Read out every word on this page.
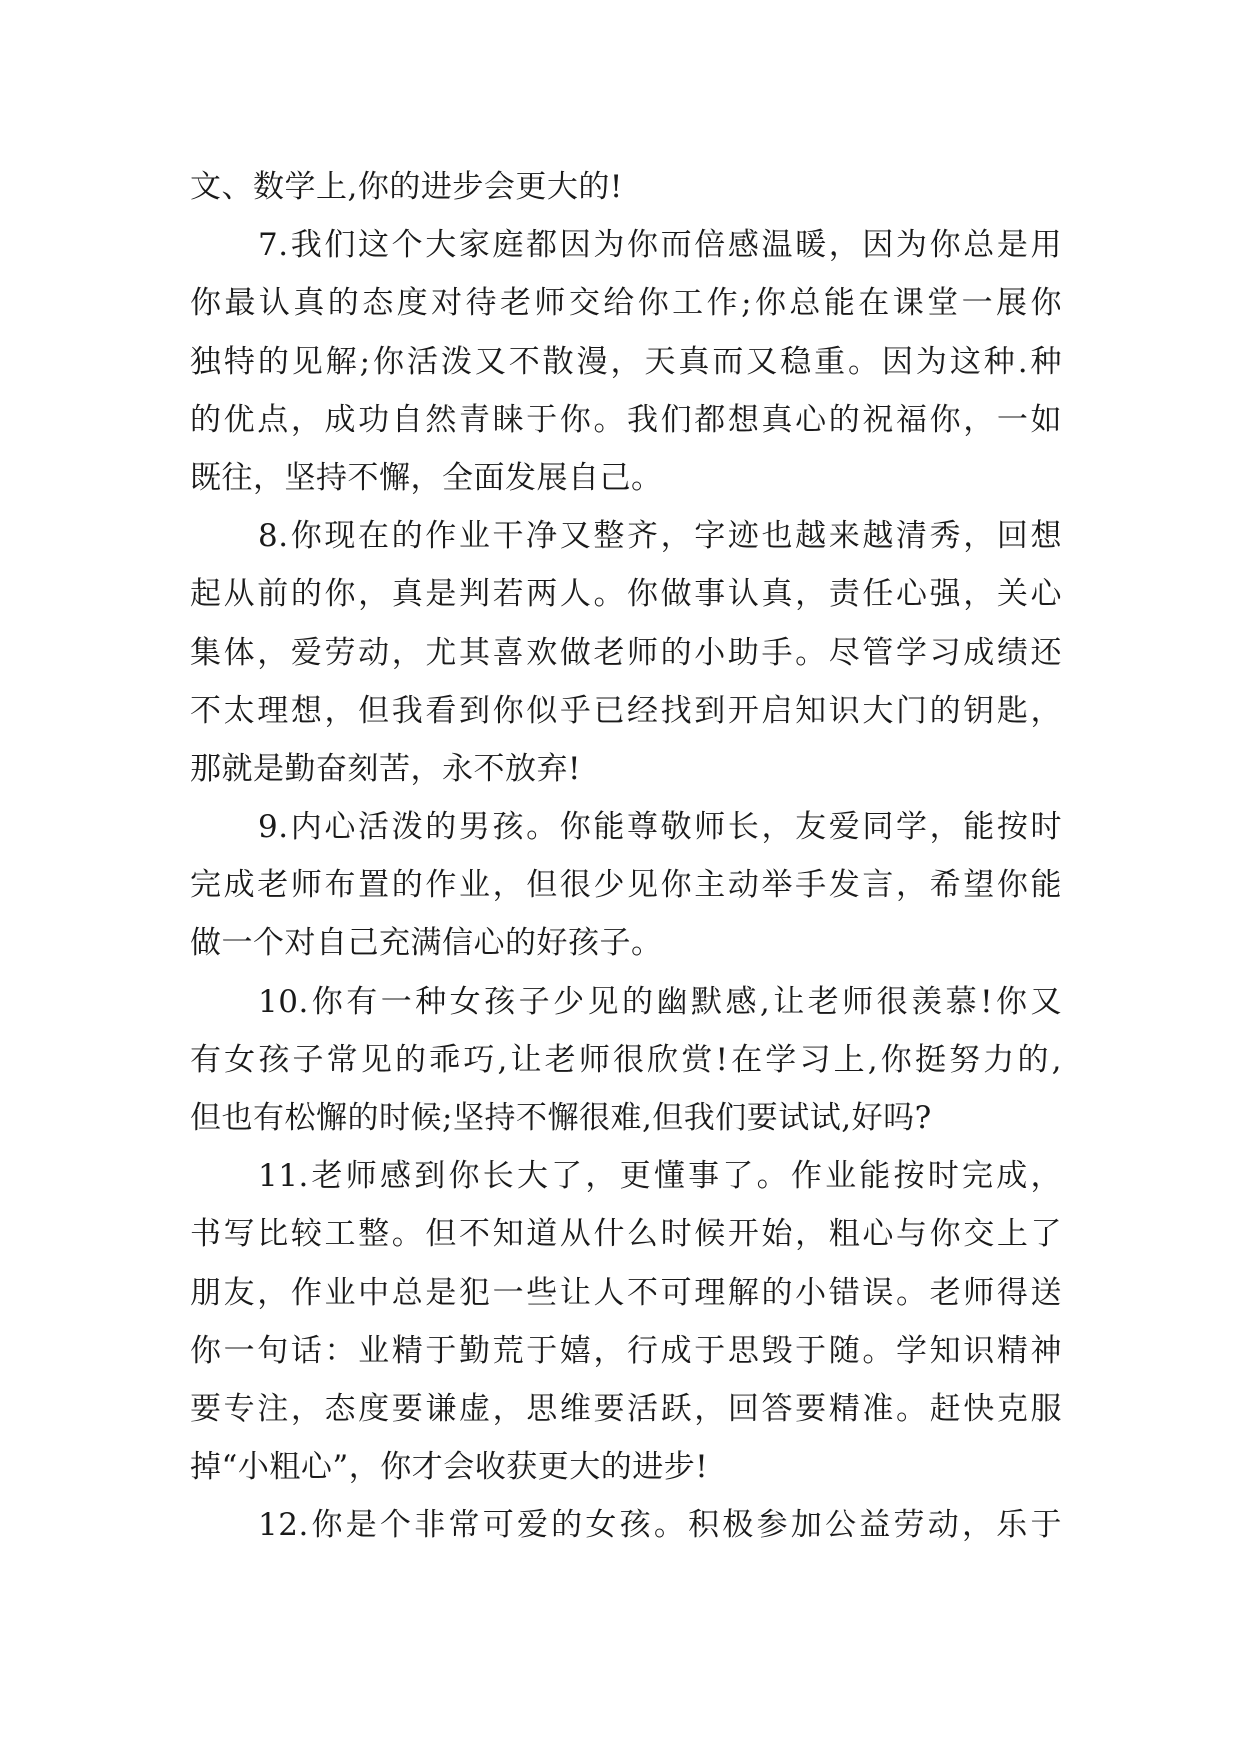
文、数学上,你的进步会更大的!
7.我们这个大家庭都因为你而倍感温暖，因为你总是用
你最认真的态度对待老师交给你工作;你总能在课堂一展你
独特的见解;你活泼又不散漫，天真而又稳重。因为这种.种
的优点，成功自然青睐于你。我们都想真心的祝福你，一如
既往，坚持不懈，全面发展自己。
8.你现在的作业干净又整齐，字迹也越来越清秀，回想
起从前的你，真是判若两人。你做事认真，责任心强，关心
集体，爱劳动，尤其喜欢做老师的小助手。尽管学习成绩还
不太理想，但我看到你似乎已经找到开启知识大门的钥匙，
那就是勤奋刻苦，永不放弃!
9.内心活泼的男孩。你能尊敬师长，友爱同学，能按时
完成老师布置的作业，但很少见你主动举手发言，希望你能
做一个对自己充满信心的好孩子。
10.你有一种女孩子少见的幽默感,让老师很羡慕!你又
有女孩子常见的乖巧,让老师很欣赏!在学习上,你挺努力的,
但也有松懈的时候;坚持不懈很难,但我们要试试,好吗?
11.老师感到你长大了，更懂事了。作业能按时完成，
书写比较工整。但不知道从什么时候开始，粗心与你交上了
朋友，作业中总是犯一些让人不可理解的小错误。老师得送
你一句话：业精于勤荒于嬉，行成于思毁于随。学知识精神
要专注，态度要谦虚，思维要活跃，回答要精准。赶快克服
掉“小粗心”，你才会收获更大的进步!
12.你是个非常可爱的女孩。积极参加公益劳动，乐于
